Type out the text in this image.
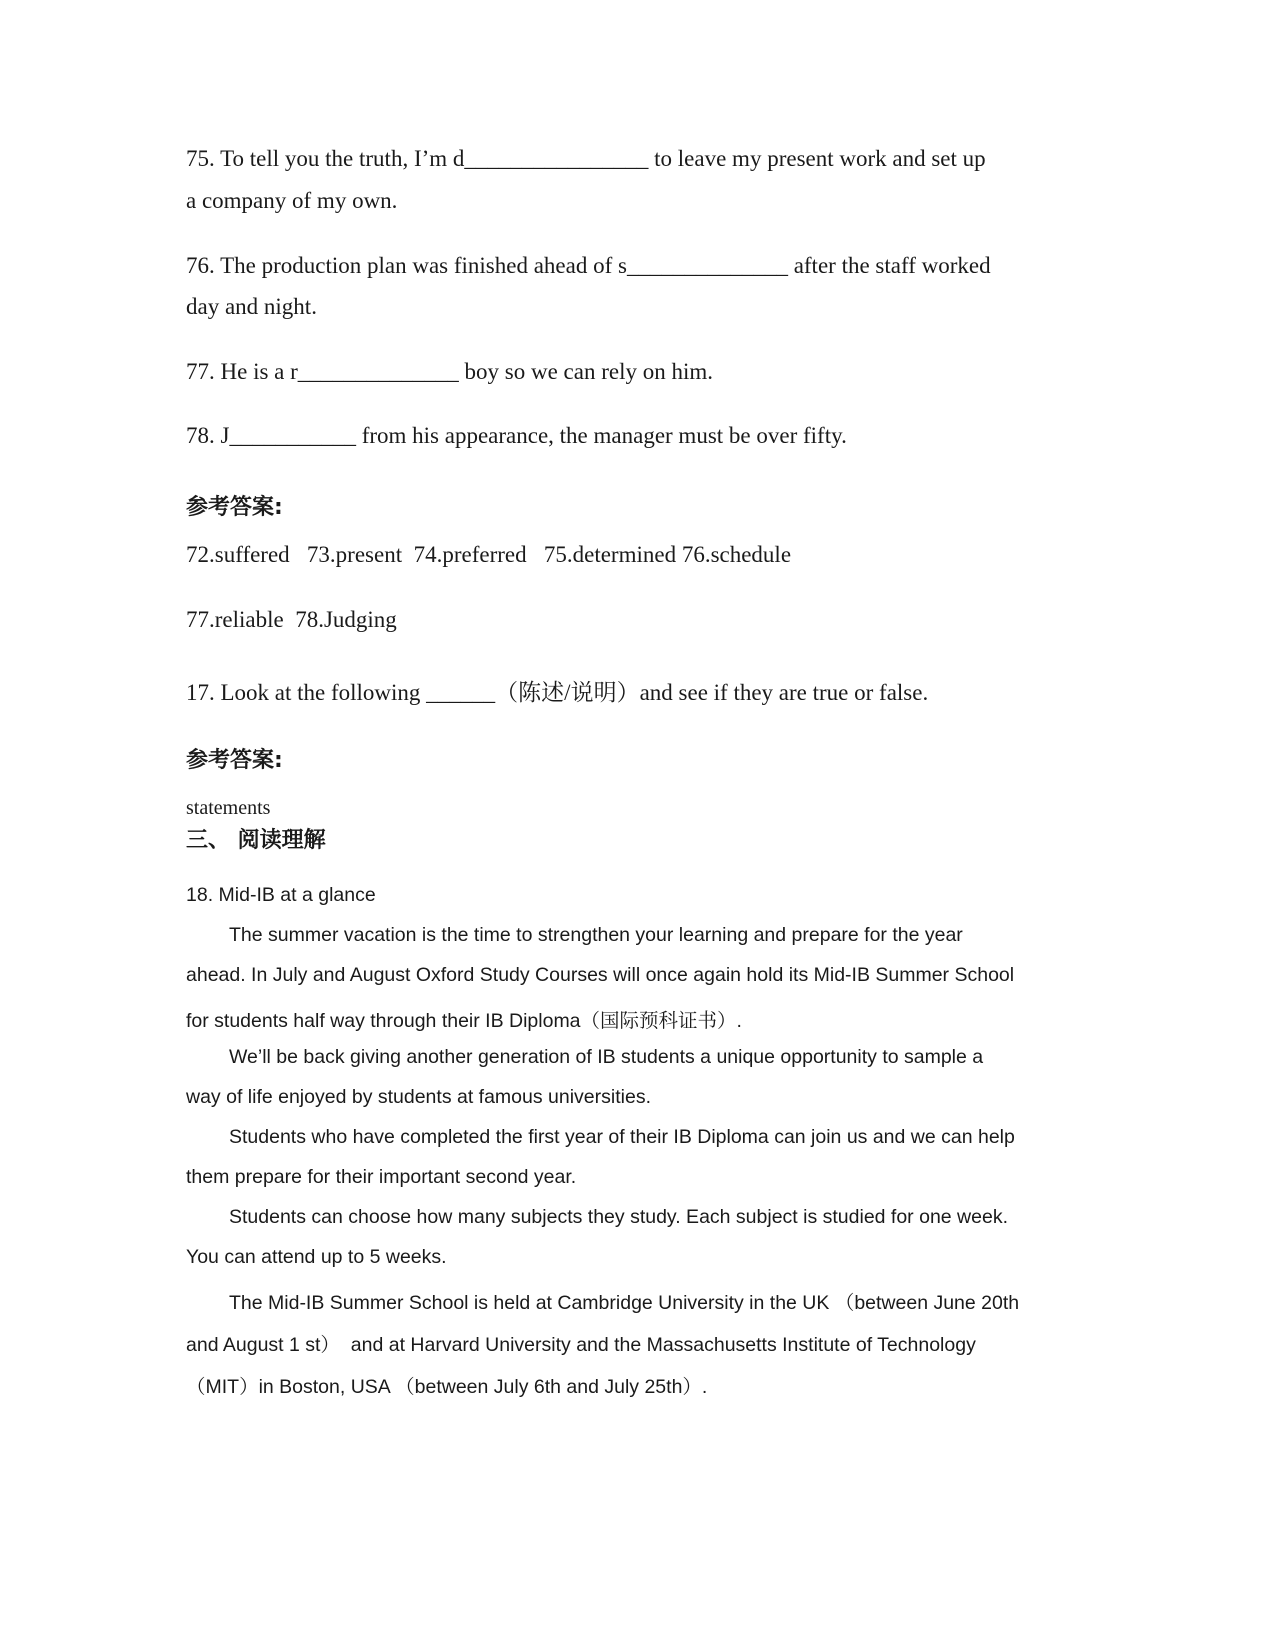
75. To tell you the truth, I’m d________________ to leave my present work and set up
a company of my own.
76. The production plan was finished ahead of s______________ after the staff worked
day and night.
77. He is a r______________ boy so we can rely on him.
78. J___________ from his appearance, the manager must be over fifty.
参考答案:
72.suffered   73.present  74.preferred   75.determined 76.schedule
77.reliable  78.Judging
17. Look at the following ______（陈述/说明）and see if they are true or false.
参考答案:
statements
三、 阅读理解
18. Mid-IB at a glance
The summer vacation is the time to strengthen your learning and prepare for the year
ahead. In July and August Oxford Study Courses will once again hold its Mid-IB Summer School
for students half way through their IB Diploma（国际预科证书）.
We’ll be back giving another generation of IB students a unique opportunity to sample a
way of life enjoyed by students at famous universities.
Students who have completed the first year of their IB Diploma can join us and we can help
them prepare for their important second year.
Students can choose how many subjects they study. Each subject is studied for one week.
You can attend up to 5 weeks.
The Mid-IB Summer School is held at Cambridge University in the UK （between June 20th
and August 1 st）  and at Harvard University and the Massachusetts Institute of Technology
（MIT）in Boston, USA （between July 6th and July 25th）.
